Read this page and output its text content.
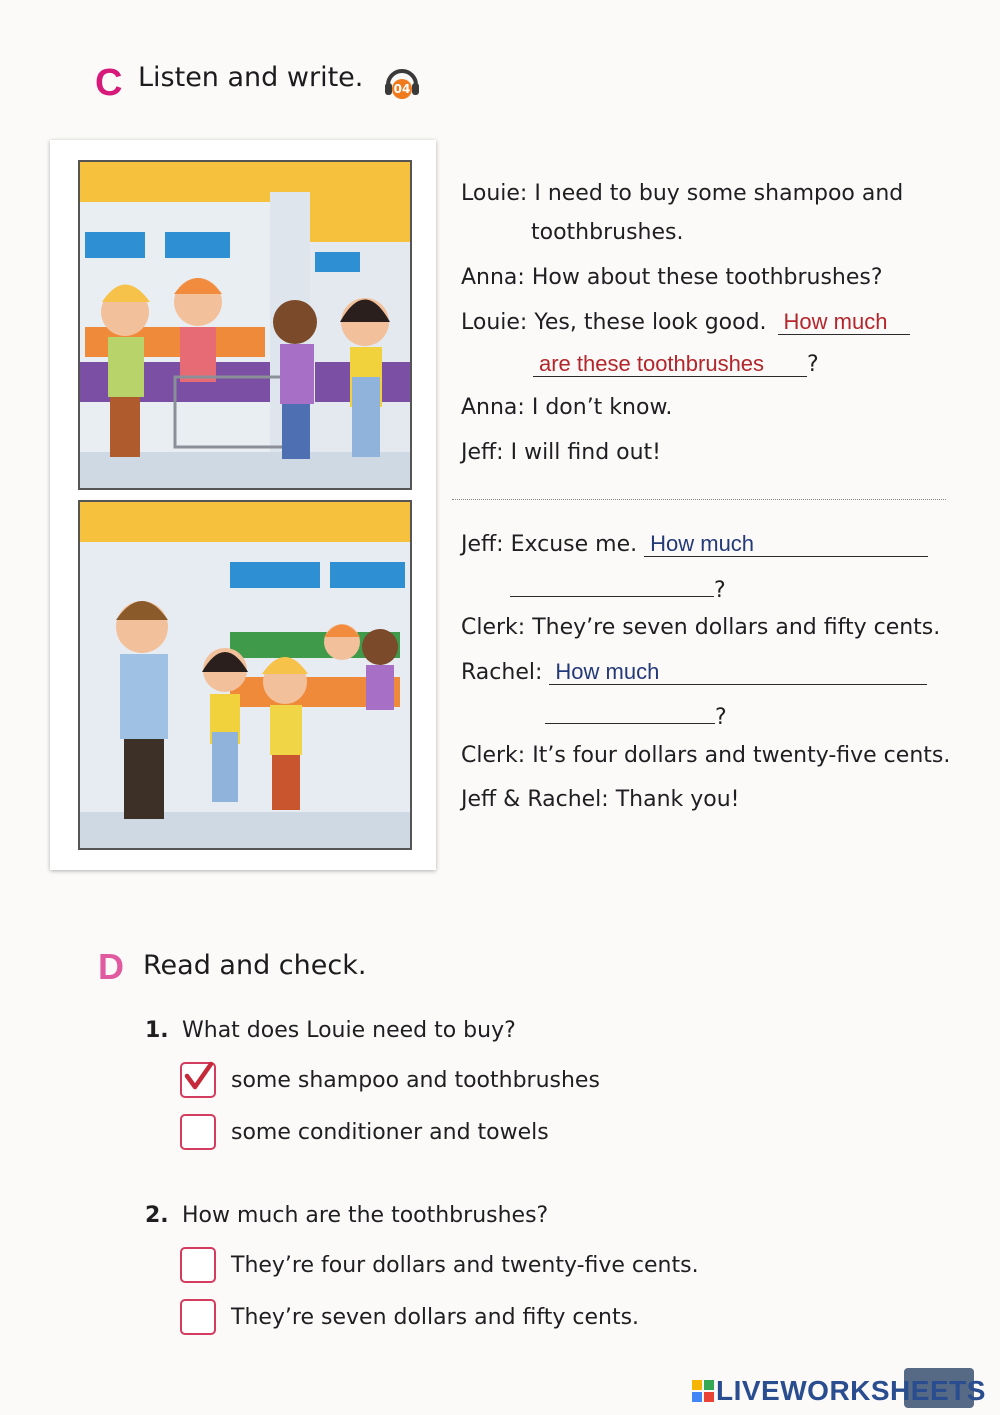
C Listen and write.	04
Louie: I need to buy some shampoo and
toothbrushes.
Anna: How about these toothbrushes?
Louie: Yes, these look good. How much
are these toothbrushes ?
Anna: I don’t know.
Jeff: I will find out!
Jeff: Excuse me. How much
?
Clerk: They’re seven dollars and fifty cents.
Rachel: How much
?
Clerk: It’s four dollars and twenty-five cents.
Jeff & Rachel: Thank you!
D Read and check.
1. What does Louie need to buy?
some shampoo and toothbrushes
some conditioner and towels
2. How much are the toothbrushes?
They’re four dollars and twenty-five cents.
They’re seven dollars and fifty cents.
LIVEWORKSHEETS
